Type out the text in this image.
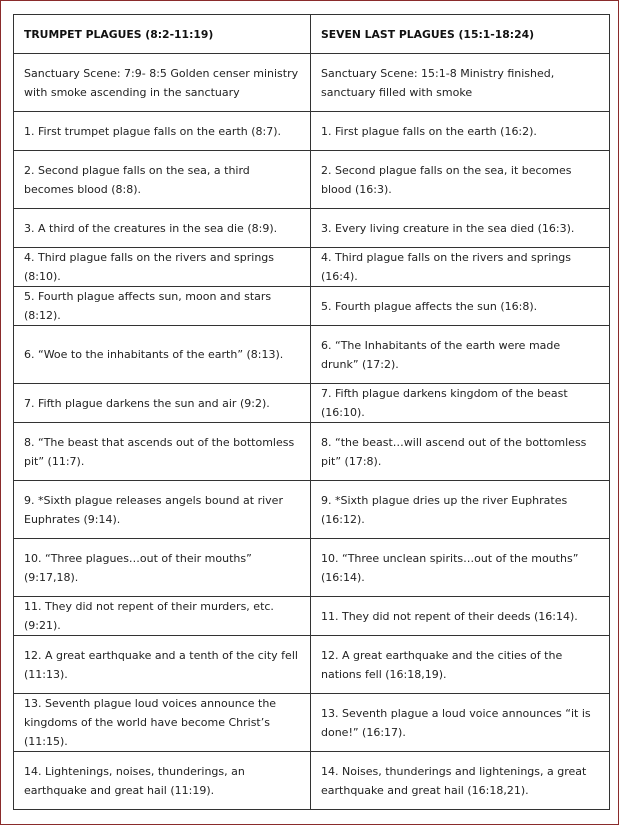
TRUMPET PLAGUES (8:2-11:19)	SEVEN LAST PLAGUES (15:1-18:24)
Sanctuary Scene: 7:9- 8:5 Golden censer ministry with smoke ascending in the sanctuary	Sanctuary Scene: 15:1-8 Ministry finished, sanctuary filled with smoke
1. First trumpet plague falls on the earth (8:7).	1. First plague falls on the earth (16:2).
2. Second plague falls on the sea, a third becomes blood (8:8).	2. Second plague falls on the sea, it becomes blood (16:3).
3. A third of the creatures in the sea die (8:9).	3. Every living creature in the sea died (16:3).
4. Third plague falls on the rivers and springs (8:10).	4. Third plague falls on the rivers and springs (16:4).
5. Fourth plague affects sun, moon and stars (8:12).	5. Fourth plague affects the sun (16:8).
6. “Woe to the inhabitants of the earth” (8:13).	6. “The Inhabitants of the earth were made drunk” (17:2).
7. Fifth plague darkens the sun and air (9:2).	7. Fifth plague darkens kingdom of the beast (16:10).
8. “The beast that ascends out of the bottomless pit” (11:7).	8. “the beast…will ascend out of the bottomless pit” (17:8).
9. *Sixth plague releases angels bound at river Euphrates (9:14).	9. *Sixth plague dries up the river Euphrates (16:12).
10. “Three plagues…out of their mouths” (9:17,18).	10. “Three unclean spirits…out of the mouths” (16:14).
11. They did not repent of their murders, etc. (9:21).	11. They did not repent of their deeds (16:14).
12. A great earthquake and a tenth of the city fell (11:13).	12. A great earthquake and the cities of the nations fell (16:18,19).
13. Seventh plague loud voices announce the kingdoms of the world have become Christ’s (11:15).	13. Seventh plague a loud voice announces “it is done!” (16:17).
14. Lightenings, noises, thunderings, an earthquake and great hail (11:19).	14. Noises, thunderings and lightenings, a great earthquake and great hail (16:18,21).
